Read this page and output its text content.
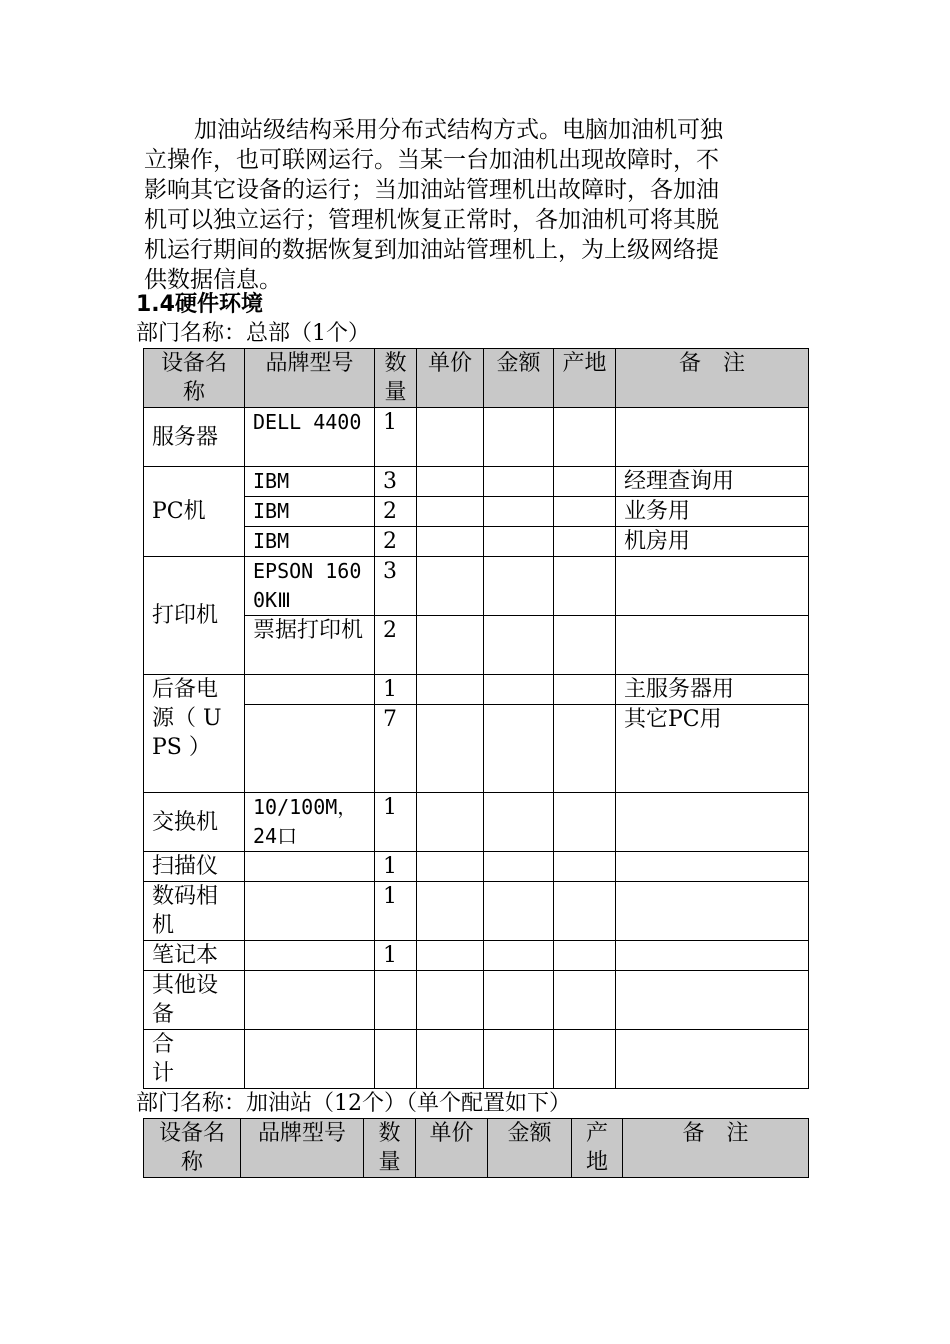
加油站级结构采用分布式结构方式。电脑加油机可独
立操作，也可联网运行。当某一台加油机出现故障时，不
影响其它设备的运行；当加油站管理机出故障时，各加油
机可以独立运行；管理机恢复正常时，各加油机可将其脱
机运行期间的数据恢复到加油站管理机上，为上级网络提
供数据信息。
1.4硬件环境
部门名称：总部（1个）
设备名称	品牌型号	数量	单价	金额	产地	备　注
服务器	DELL 4400	1				
PC机	IBM	3				经理查询用
	IBM	2				业务用
	IBM	2				机房用
打印机	EPSON 1600KⅢ	3				
	票据打印机	2				
后备电源（ UPS ）		1				主服务器用
		7				其它PC用
交换机	10/100M，24口	1				
扫描仪		1				
数码相机		1				
笔记本		1				
其他设备						
合计						
部门名称：加油站（12个）（单个配置如下）
设备名称	品牌型号	数量	单价	金额	产地	备　注
